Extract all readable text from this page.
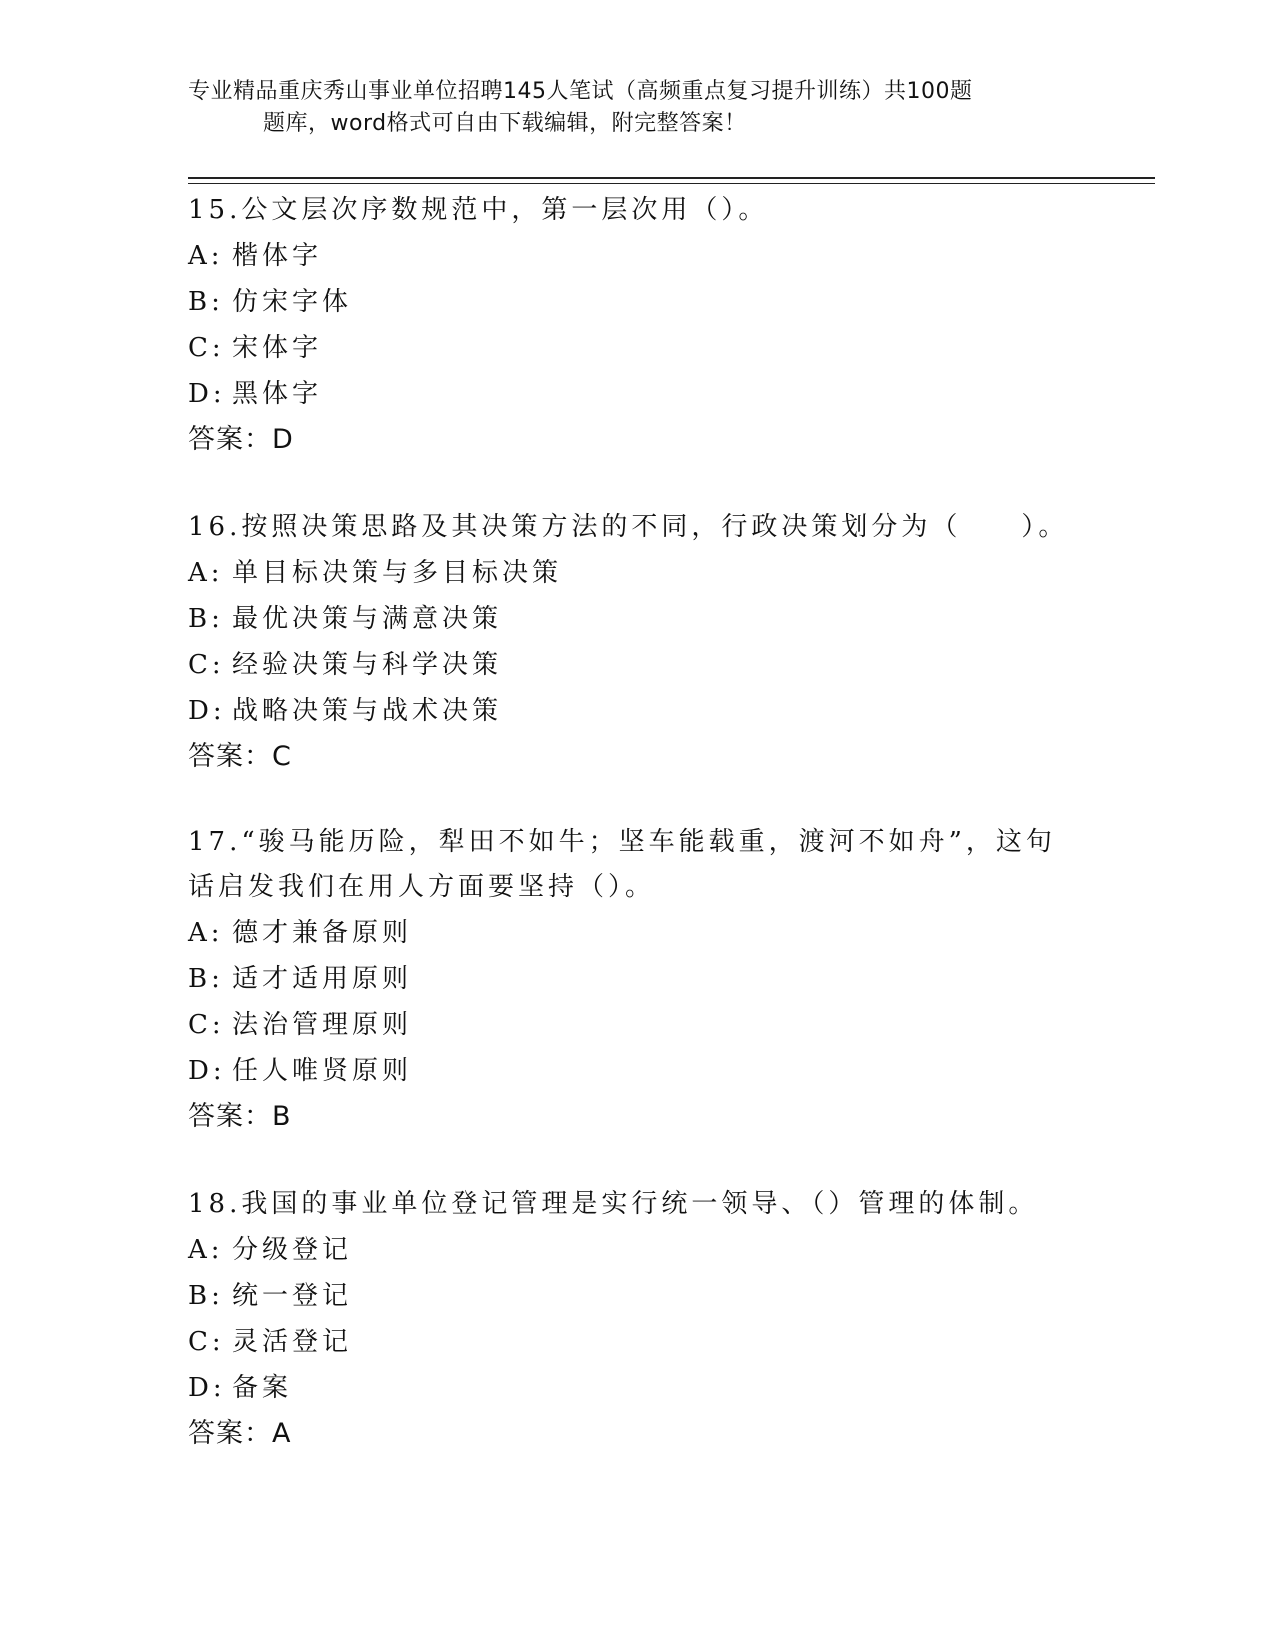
专业精品重庆秀山事业单位招聘145人笔试（高频重点复习提升训练）共100题
题库，word格式可自由下载编辑，附完整答案！

15.公文层次序数规范中，第一层次用（）。

A: 楷体字

B: 仿宋字体

C: 宋体字

D: 黑体字

答案：D

16.按照决策思路及其决策方法的不同，行政决策划分为（　　）。

A: 单目标决策与多目标决策

B: 最优决策与满意决策

C: 经验决策与科学决策

D: 战略决策与战术决策

答案：C

17.“骏马能历险，犁田不如牛；坚车能载重，渡河不如舟”，这句话启发我们在用人方面要坚持（）。

A: 德才兼备原则

B: 适才适用原则

C: 法治管理原则

D: 任人唯贤原则

答案：B

18.我国的事业单位登记管理是实行统一领导、（）管理的体制。

A: 分级登记

B: 统一登记

C: 灵活登记

D: 备案

答案：A
